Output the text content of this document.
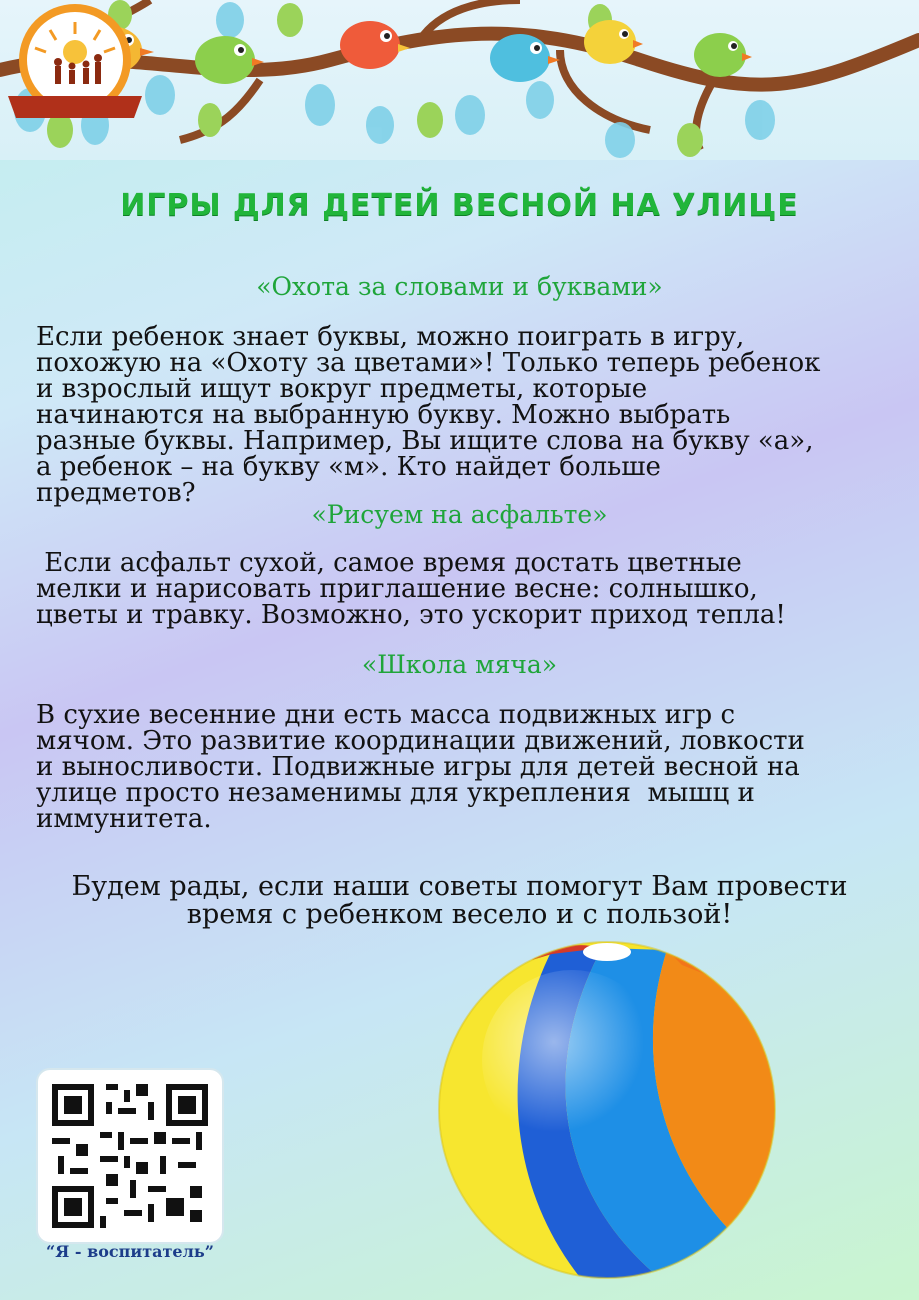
ИГРЫ ДЛЯ ДЕТЕЙ ВЕСНОЙ НА УЛИЦЕ
«Охота за словами и буквами»
Если ребенок знает буквы, можно поиграть в игру,
похожую на «Охоту за цветами»! Только теперь ребенок
и взрослый ищут вокруг предметы, которые
начинаются на выбранную букву. Можно выбрать
разные буквы. Например, Вы ищите слова на букву «а»,
а ребенок – на букву «м». Кто найдет больше
предметов?
«Рисуем на асфальте»
Если асфальт сухой, самое время достать цветные
мелки и нарисовать приглашение весне: солнышко,
цветы и травку. Возможно, это ускорит приход тепла!
«Школа мяча»
В сухие весенние дни есть масса подвижных игр с
мячом. Это развитие координации движений, ловкости
и выносливости. Подвижные игры для детей весной на
улице просто незаменимы для укрепления  мышц и
иммунитета.
Будем рады, если наши советы помогут Вам провести
время с ребенком весело и с пользой!
“Я - воспитатель”
